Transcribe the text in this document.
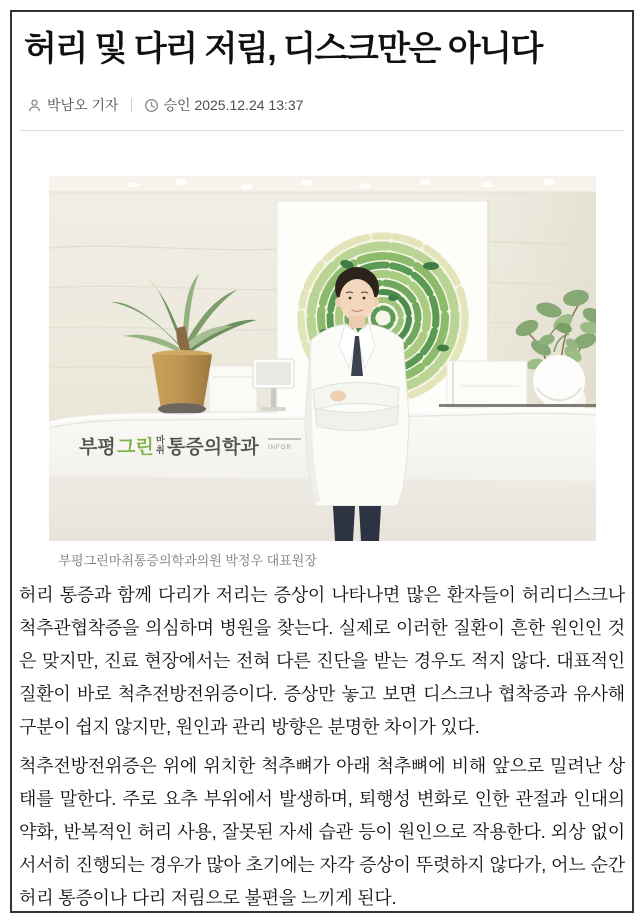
허리 및 다리 저림, 디스크만은 아니다
박남오 기자	승인 2025.12.24 13:37
부평 그린 마
취 통증의학과 INFOR
부평그린마취통증의학과의원 박정우 대표원장

허리 통증과 함께 다리가 저리는 증상이 나타나면 많은 환자들이 허리디스크나 척추관협착증을 의심하며 병원을 찾는다. 실제로 이러한 질환이 흔한 원인인 것은 맞지만, 진료 현장에서는 전혀 다른 진단을 받는 경우도 적지 않다. 대표적인 질환이 바로 척추전방전위증이다. 증상만 놓고 보면 디스크나 협착증과 유사해 구분이 쉽지 않지만, 원인과 관리 방향은 분명한 차이가 있다.

척추전방전위증은 위에 위치한 척추뼈가 아래 척추뼈에 비해 앞으로 밀려난 상태를 말한다. 주로 요추 부위에서 발생하며, 퇴행성 변화로 인한 관절과 인대의 약화, 반복적인 허리 사용, 잘못된 자세 습관 등이 원인으로 작용한다. 외상 없이 서서히 진행되는 경우가 많아 초기에는 자각 증상이 뚜렷하지 않다가, 어느 순간 허리 통증이나 다리 저림으로 불편을 느끼게 된다.
